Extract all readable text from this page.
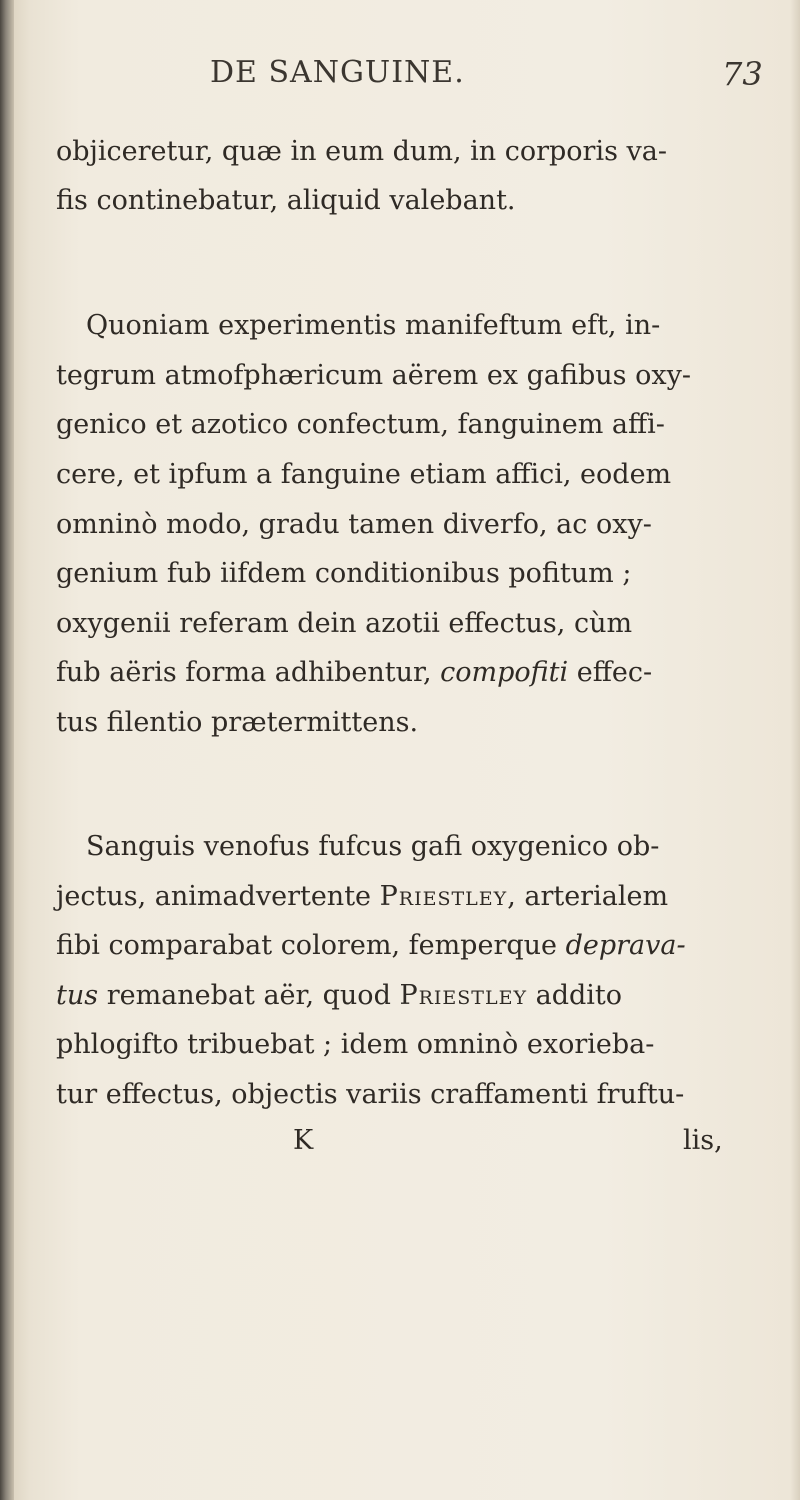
DE SANGUINE.	73
objiceretur, quæ in eum dum, in corporis va-
fis continebatur, aliquid valebant.
Quoniam experimentis manifeftum eft, in-
tegrum atmofphæricum aërem ex gafibus oxy-
genico et azotico confectum, fanguinem affi-
cere, et ipfum a fanguine etiam affici, eodem
omninò modo, gradu tamen diverfo, ac oxy-
genium fub iifdem conditionibus pofitum ;
oxygenii referam dein azotii effectus, cùm
fub aëris forma adhibentur, compofiti effec-
tus filentio prætermittens.
Sanguis venofus fufcus gafi oxygenico ob-
jectus, animadvertente Priestley, arterialem
fibi comparabat colorem, femperque deprava-
tus remanebat aër, quod Priestley addito
phlogifto tribuebat ; idem omninò exorieba-
tur effectus, objectis variis craffamenti fruftu-
K	lis,
